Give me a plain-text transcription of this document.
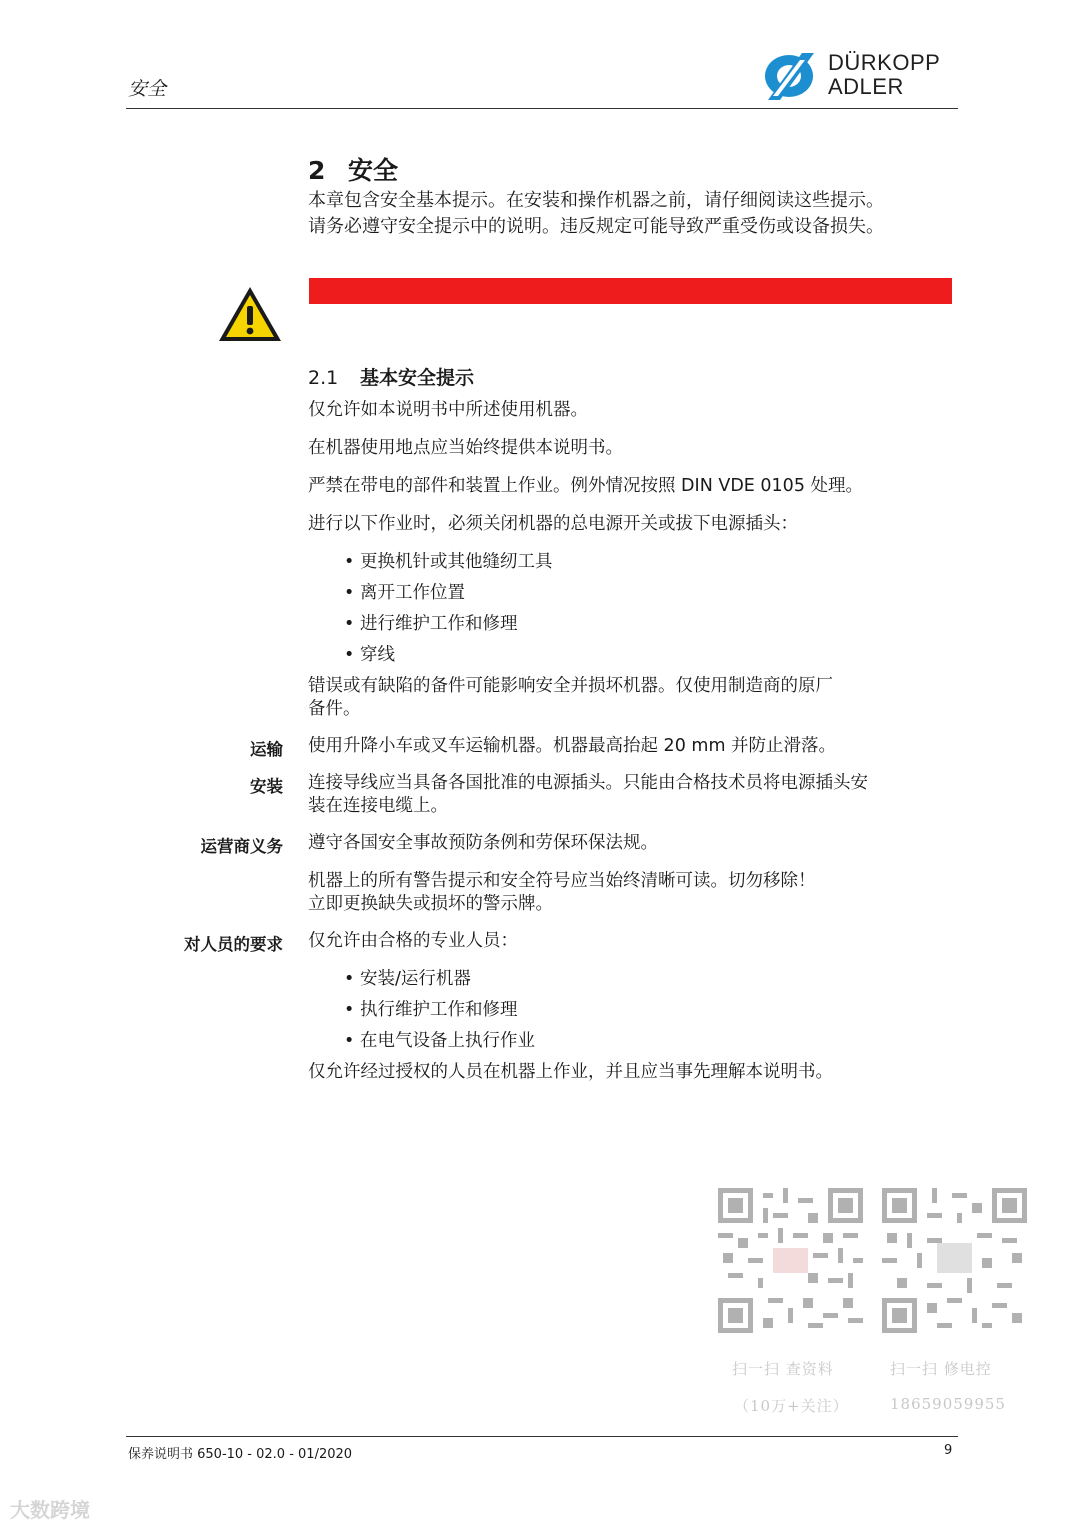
安全
DÜRKOPP
ADLER
2 安全
本章包含安全基本提示。在安装和操作机器之前，请仔细阅读这些提示。
请务必遵守安全提示中的说明。违反规定可能导致严重受伤或设备损失。
2.1 基本安全提示
仅允许如本说明书中所述使用机器。
在机器使用地点应当始终提供本说明书。
严禁在带电的部件和装置上作业。例外情况按照 DIN VDE 0105 处理。
进行以下作业时，必须关闭机器的总电源开关或拔下电源插头：
• 更换机针或其他缝纫工具
• 离开工作位置
• 进行维护工作和修理
• 穿线
错误或有缺陷的备件可能影响安全并损坏机器。仅使用制造商的原厂
备件。
运输 使用升降小车或叉车运输机器。机器最高抬起 20 mm 并防止滑落。
安装 连接导线应当具备各国批准的电源插头。只能由合格技术员将电源插头安
装在连接电缆上。
运营商义务 遵守各国安全事故预防条例和劳保环保法规。
机器上的所有警告提示和安全符号应当始终清晰可读。切勿移除！
立即更换缺失或损坏的警示牌。
对人员的要求 仅允许由合格的专业人员：
• 安装/运行机器
• 执行维护工作和修理
• 在电气设备上执行作业
仅允许经过授权的人员在机器上作业，并且应当事先理解本说明书。
扫一扫 查资料
（10万+关注）
扫一扫 修电控
18659059955
保养说明书 650-10 - 02.0 - 01/2020	9
大数跨境
